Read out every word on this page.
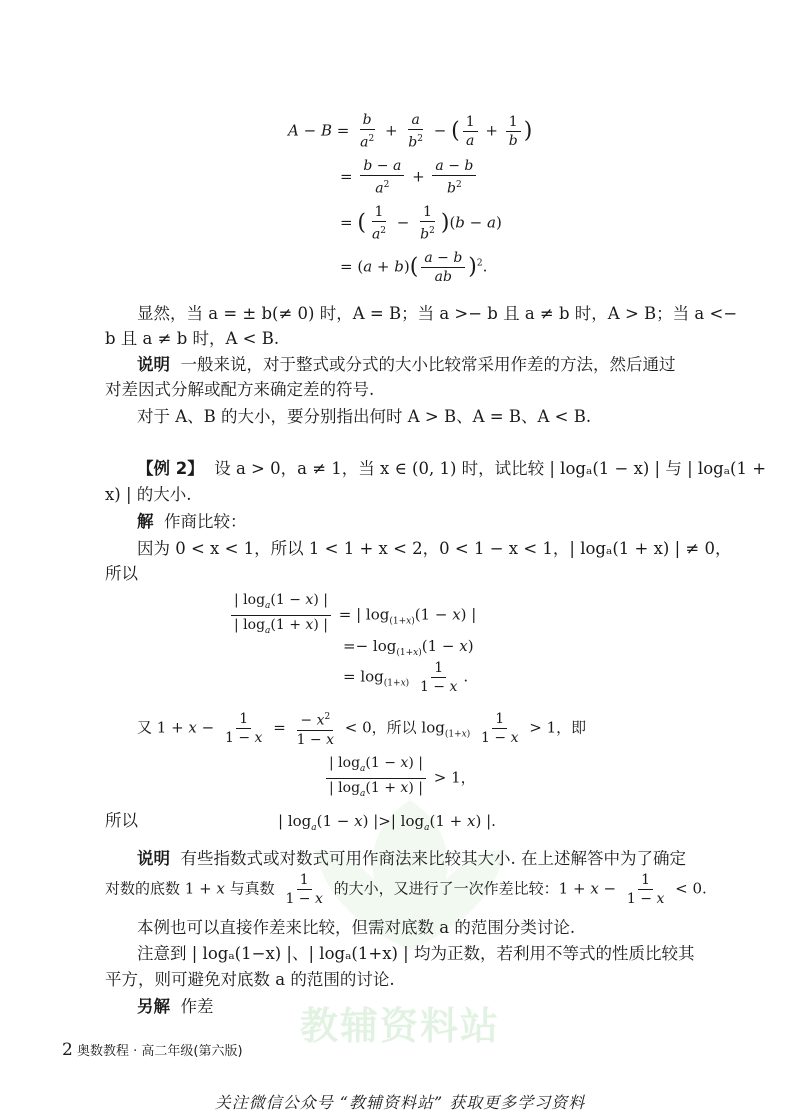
教辅资料站
$A - B = \frac{b}{a^2} + \frac{a}{b^2}$ − ( $\frac{1}{a} + \frac{1}{b}$ )
= $\frac{b - a}{a^2} + \frac{a - b}{b^2}$
= ( $\frac{1}{a^2} - \frac{1}{b^2} )(b - a)$
= $(a + b)( \frac{a - b}{ab} )^2$.
显然，当 a = ± b(≠ 0) 时，A = B；当 a >− b 且 a ≠ b 时，A > B；当 a <−
b 且 a ≠ b 时，A < B.
说明 一般来说，对于整式或分式的大小比较常采用作差的方法，然后通过
对差因式分解或配方来确定差的符号.
对于 A、B 的大小，要分别指出何时 A > B、A = B、A < B.
【例 2】 设 a > 0，a ≠ 1，当 x ∈ (0, 1) 时，试比较 | logₐ(1 − x) | 与 | logₐ(1 +
x) | 的大小.
解 作商比较：
因为 0 < x < 1，所以 1 < 1 + x < 2，0 < 1 − x < 1，| logₐ(1 + x) | ≠ 0，
所以
$\frac{| \log_a(1 - x) |}{| \log_a(1 + x) |}$ = | $\log_{(1+x)}(1 - x)$ |
=− $\log_{(1+x)}(1 - x)$
= $\log_{(1+x)} \frac{1}{1 - x}$ .
又 $1 + x - \frac{1}{1 - x} = \frac{- x^2}{1 - x} < 0$，所以 $\log_{(1+x)} \frac{1}{1 - x} > 1$，即
$\frac{| \log_a(1 - x) |}{| \log_a(1 + x) |} > 1$，
所以	| $\log_a(1 - x)$ |>| $\log_a(1 + x)$ |.
说明 有些指数式或对数式可用作商法来比较其大小. 在上述解答中为了确定
对数的底数 1 + x 与真数 $\frac{1}{1 - x}$ 的大小，又进行了一次作差比较：$1 + x - \frac{1}{1 - x} < 0$.
本例也可以直接作差来比较，但需对底数 a 的范围分类讨论.
注意到 | logₐ(1−x) |、| logₐ(1+x) | 均为正数，若利用不等式的性质比较其
平方，则可避免对底数 a 的范围的讨论.
另解 作差
2 奥数教程 · 高二年级(第六版)
关注微信公众号 “教辅资料站” 获取更多学习资料
